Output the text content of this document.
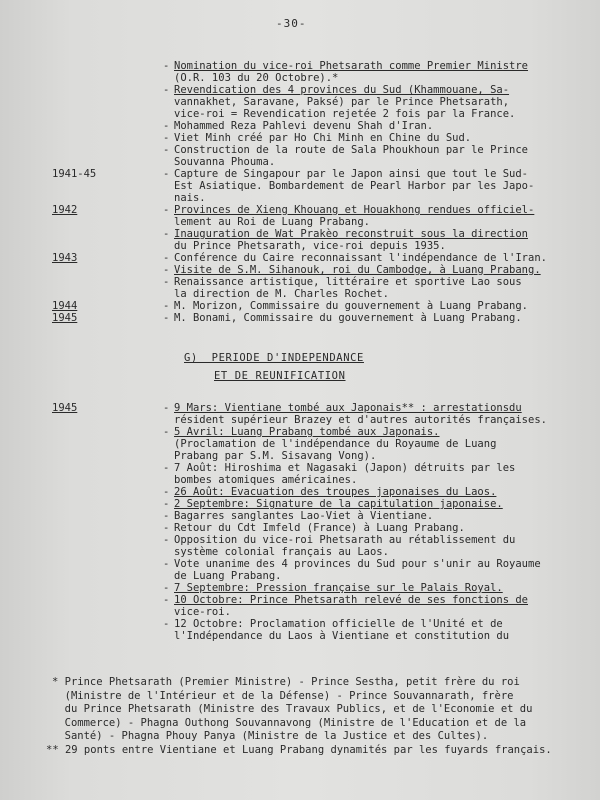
-30-
- Nomination du vice-roi Phetsarath comme Premier Ministre
(O.R. 103 du 20 Octobre).*
- Revendication des 4 provinces du Sud (Khammouane, Sa-
vannakhet, Saravane, Paksé) par le Prince Phetsarath,
vice-roi = Revendication rejetée 2 fois par la France.
- Mohammed Reza Pahlevi devenu Shah d'Iran.
- Viet Minh créé par Ho Chi Minh en Chine du Sud.
- Construction de la route de Sala Phoukhoun par le Prince
Souvanna Phouma.
1941-45	- Capture de Singapour par le Japon ainsi que tout le Sud-
Est Asiatique. Bombardement de Pearl Harbor par les Japo-
nais.
1942	- Provinces de Xieng Khouang et Houakhong rendues officiel-
lement au Roi de Luang Prabang.
- Inauguration de Wat Prakèo reconstruit sous la direction
du Prince Phetsarath, vice-roi depuis 1935.
1943	- Conférence du Caire reconnaissant l'indépendance de l'Iran.
- Visite de S.M. Sihanouk, roi du Cambodge, à Luang Prabang.
- Renaissance artistique, littéraire et sportive Lao sous
la direction de M. Charles Rochet.
1944	- M. Morizon, Commissaire du gouvernement à Luang Prabang.
1945	- M. Bonami, Commissaire du gouvernement à Luang Prabang.
G)  PERIODE D'INDEPENDANCE
ET DE REUNIFICATION
1945	- 9 Mars: Vientiane tombé aux Japonais** : arrestationsdu
résident supérieur Brazey et d'autres autorités françaises.
- 5 Avril: Luang Prabang tombé aux Japonais.
(Proclamation de l'indépendance du Royaume de Luang
Prabang par S.M. Sisavang Vong).
- 7 Août: Hiroshima et Nagasaki (Japon) détruits par les
bombes atomiques américaines.
- 26 Août: Evacuation des troupes japonaises du Laos.
- 2 Septembre: Signature de la capitulation japonaise.
- Bagarres sanglantes Lao-Viet à Vientiane.
- Retour du Cdt Imfeld (France) à Luang Prabang.
- Opposition du vice-roi Phetsarath au rétablissement du
système colonial français au Laos.
- Vote unanime des 4 provinces du Sud pour s'unir au Royaume
de Luang Prabang.
- 7 Septembre: Pression française sur le Palais Royal.
- 10 Octobre: Prince Phetsarath relevé de ses fonctions de
vice-roi.
- 12 Octobre: Proclamation officielle de l'Unité et de
l'Indépendance du Laos à Vientiane et constitution du
* Prince Phetsarath (Premier Ministre) - Prince Sestha, petit frère du roi
(Ministre de l'Intérieur et de la Défense) - Prince Souvannarath, frère
du Prince Phetsarath (Ministre des Travaux Publics, et de l'Economie et du
Commerce) - Phagna Outhong Souvannavong (Ministre de l'Education et de la
Santé) - Phagna Phouy Panya (Ministre de la Justice et des Cultes).
** 29 ponts entre Vientiane et Luang Prabang dynamités par les fuyards français.
